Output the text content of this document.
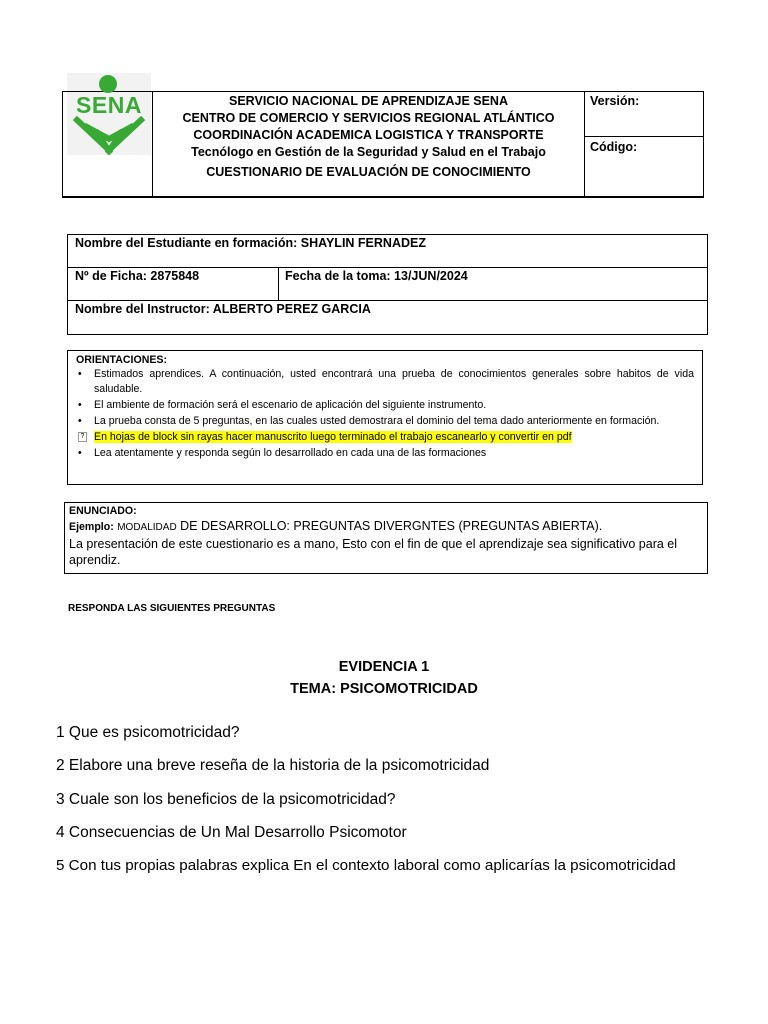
SENA	SERVICIO NACIONAL DE APRENDIZAJE SENA
CENTRO DE COMERCIO Y SERVICIOS REGIONAL ATLÁNTICO
COORDINACIÓN ACADEMICA LOGISTICA Y TRANSPORTE
Tecnólogo en Gestión de la Seguridad y Salud en el Trabajo
CUESTIONARIO DE EVALUACIÓN DE CONOCIMIENTO
Versión:
Código:
Nombre del Estudiante en formación: SHAYLIN FERNADEZ
Nº de Ficha: 2875848	Fecha de la toma: 13/JUN/2024
Nombre del Instructor: ALBERTO PEREZ GARCIA
ORIENTACIONES:
• Estimados aprendices. A continuación, usted encontrará una prueba de conocimientos generales sobre habitos de vida saludable.
• El ambiente de formación será el escenario de aplicación del siguiente instrumento.
• La prueba consta de 5 preguntas, en las cuales usted demostrara el dominio del tema dado anteriormente en formación.
? En hojas de block sin rayas hacer manuscrito luego terminado el trabajo escanearlo y convertir en pdf
• Lea atentamente y responda según lo desarrollado en cada una de las formaciones
ENUNCIADO:
Ejemplo: MODALIDAD DE DESARROLLO: PREGUNTAS DIVERGNTES (PREGUNTAS ABIERTA).
La presentación de este cuestionario es a mano, Esto con el fin de que el aprendizaje sea significativo para el aprendiz.
RESPONDA LAS SIGUIENTES PREGUNTAS
EVIDENCIA 1
TEMA: PSICOMOTRICIDAD
1 Que es psicomotricidad?
2 Elabore una breve reseña de la historia de la psicomotricidad
3 Cuale son los beneficios de la psicomotricidad?
4 Consecuencias de Un Mal Desarrollo Psicomotor
5 Con tus propias palabras explica En el contexto laboral como aplicarías la psicomotricidad
